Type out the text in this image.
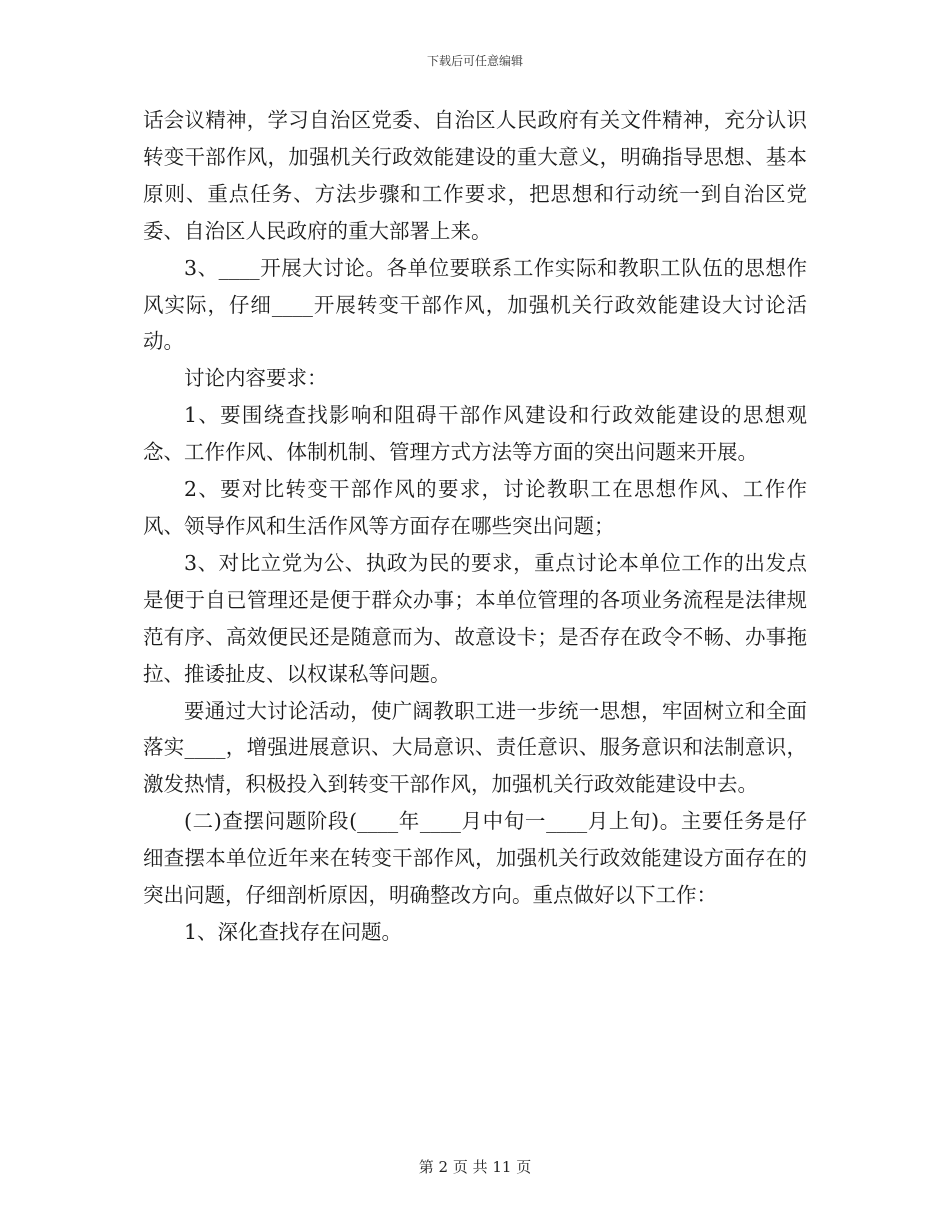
下载后可任意编辑

话会议精神，学习自治区党委、自治区人民政府有关文件精神，充分认识转变干部作风，加强机关行政效能建设的重大意义，明确指导思想、基本原则、重点任务、方法步骤和工作要求，把思想和行动统一到自治区党委、自治区人民政府的重大部署上来。

3、____开展大讨论。各单位要联系工作实际和教职工队伍的思想作风实际，仔细____开展转变干部作风，加强机关行政效能建设大讨论活动。

讨论内容要求：

1、要围绕查找影响和阻碍干部作风建设和行政效能建设的思想观念、工作作风、体制机制、管理方式方法等方面的突出问题来开展。

2、要对比转变干部作风的要求，讨论教职工在思想作风、工作作风、领导作风和生活作风等方面存在哪些突出问题；

3、对比立党为公、执政为民的要求，重点讨论本单位工作的出发点是便于自已管理还是便于群众办事；本单位管理的各项业务流程是法律规范有序、高效便民还是随意而为、故意设卡；是否存在政令不畅、办事拖拉、推诿扯皮、以权谋私等问题。

要通过大讨论活动，使广阔教职工进一步统一思想，牢固树立和全面落实____，增强进展意识、大局意识、责任意识、服务意识和法制意识，激发热情，积极投入到转变干部作风，加强机关行政效能建设中去。

(二)查摆问题阶段(____年____月中旬一____月上旬)。主要任务是仔细查摆本单位近年来在转变干部作风，加强机关行政效能建设方面存在的突出问题，仔细剖析原因，明确整改方向。重点做好以下工作：

1、深化查找存在问题。

第 2 页 共 11 页
